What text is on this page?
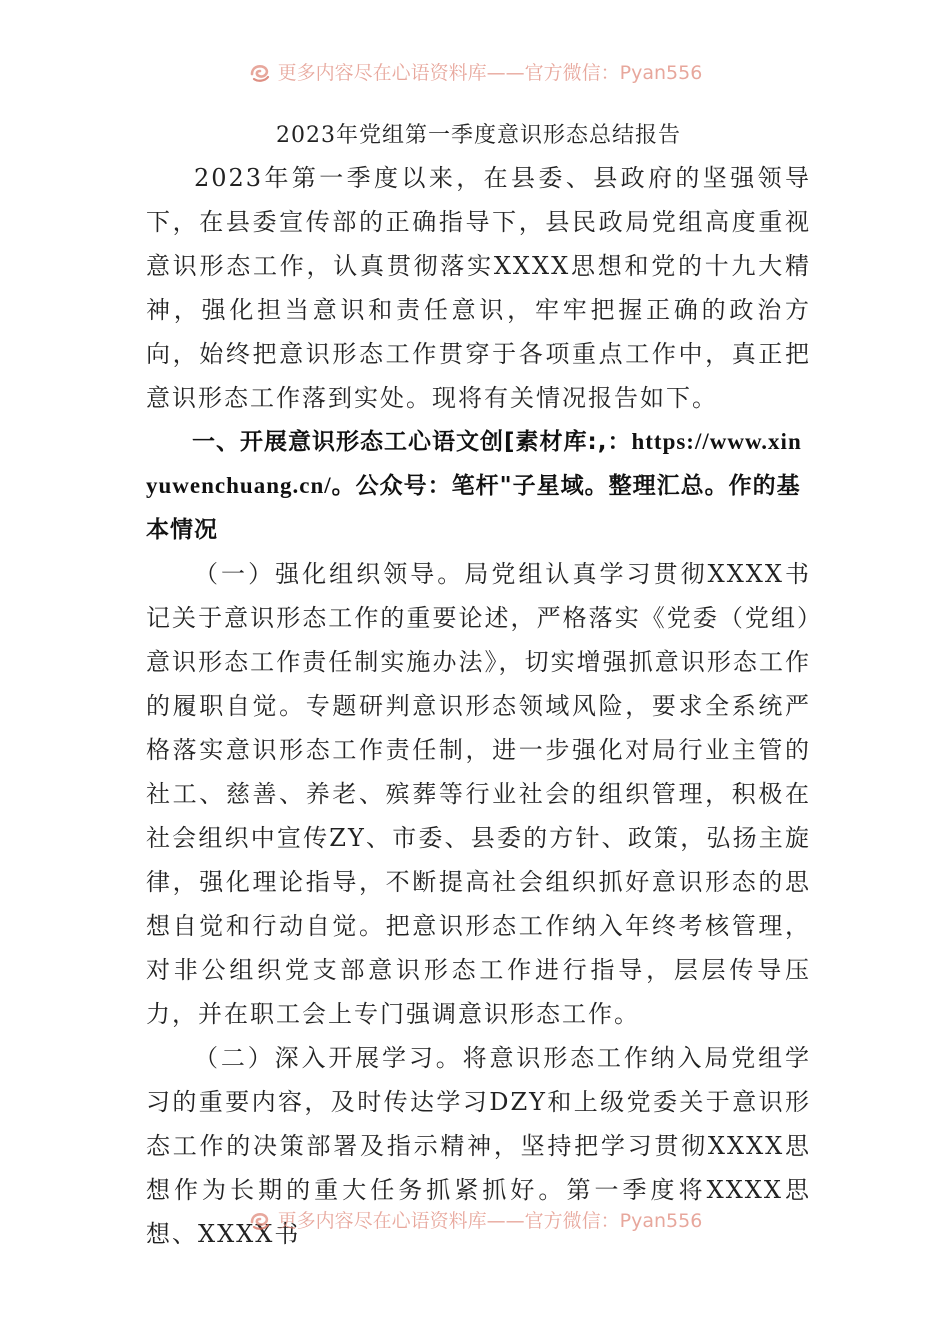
更多内容尽在心语资料库——官方微信：Pyan556
2023年党组第一季度意识形态总结报告

2023年第一季度以来，在县委、县政府的坚强领导下，在县委宣传部的正确指导下，县民政局党组高度重视意识形态工作，认真贯彻落实XXXX思想和党的十九大精神，强化担当意识和责任意识，牢牢把握正确的政治方向，始终把意识形态工作贯穿于各项重点工作中，真正把意识形态工作落到实处。现将有关情况报告如下。

一、开展意识形态工心语文创[素材库:,：https://www.xinyuwenchuang.cn/。公众号：笔杆"子星域。整理汇总。作的基本情况

（一）强化组织领导。局党组认真学习贯彻XXXX书记关于意识形态工作的重要论述，严格落实《党委（党组）意识形态工作责任制实施办法》，切实增强抓意识形态工作的履职自觉。专题研判意识形态领域风险，要求全系统严格落实意识形态工作责任制，进一步强化对局行业主管的社工、慈善、养老、殡葬等行业社会的组织管理，积极在社会组织中宣传ZY、市委、县委的方针、政策，弘扬主旋律，强化理论指导，不断提高社会组织抓好意识形态的思想自觉和行动自觉。把意识形态工作纳入年终考核管理，对非公组织党支部意识形态工作进行指导，层层传导压力，并在职工会上专门强调意识形态工作。

（二）深入开展学习。将意识形态工作纳入局党组学习的重要内容，及时传达学习DZY和上级党委关于意识形态工作的决策部署及指示精神，坚持把学习贯彻XXXX思想作为长期的重大任务抓紧抓好。第一季度将XXXX思想、XXXX书

更多内容尽在心语资料库——官方微信：Pyan556
